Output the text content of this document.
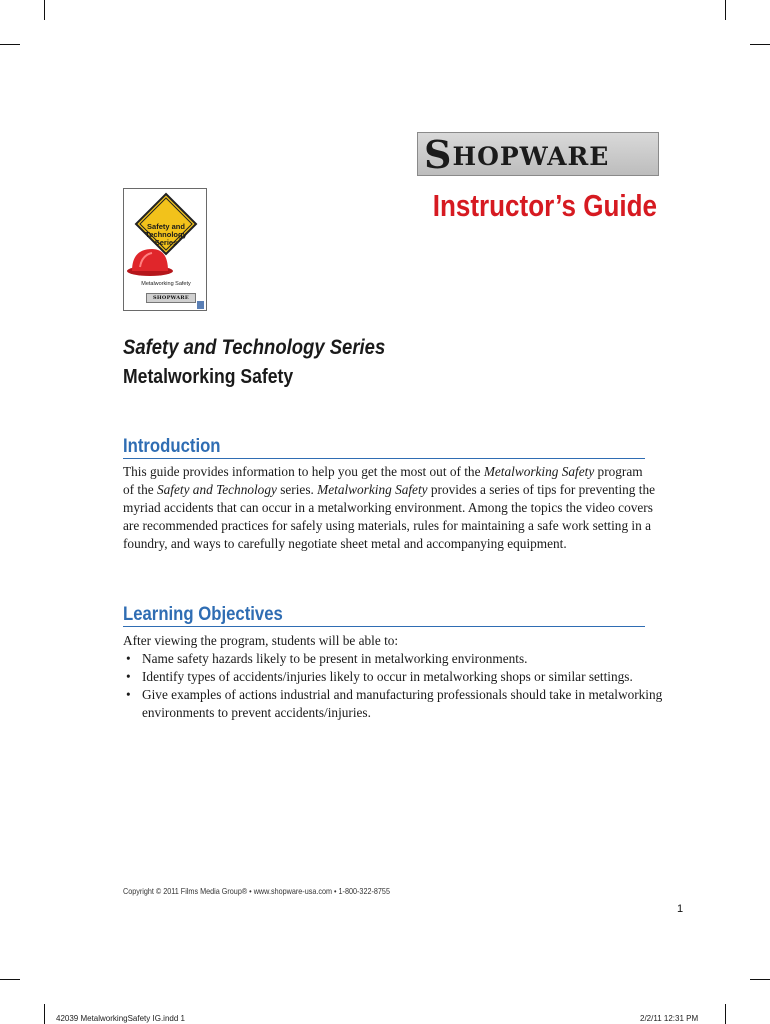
SHOPWARE
Instructor’s Guide
Safety and
Technology
Series
Metalworking Safety
SHOPWARE
Safety and Technology Series
Metalworking Safety
Introduction

This guide provides information to help you get the most out of the Metalworking Safety program

of the Safety and Technology series. Metalworking Safety provides a series of tips for preventing the

myriad accidents that can occur in a metalworking environment. Among the topics the video covers

are recommended practices for safely using materials, rules for maintaining a safe work setting in a

foundry, and ways to carefully negotiate sheet metal and accompanying equipment.

Learning Objectives

After viewing the program, students will be able to:

• Name safety hazards likely to be present in metalworking environments.
• Identify types of accidents/injuries likely to occur in metalworking shops or similar settings.
• Give examples of actions industrial and manufacturing professionals should take in metalworking
environments to prevent accidents/injuries.
Copyright © 2011 Films Media Group® • www.shopware-usa.com • 1-800-322-8755
1
42039 MetalworkingSafety IG.indd 1	2/2/11 12:31 PM
